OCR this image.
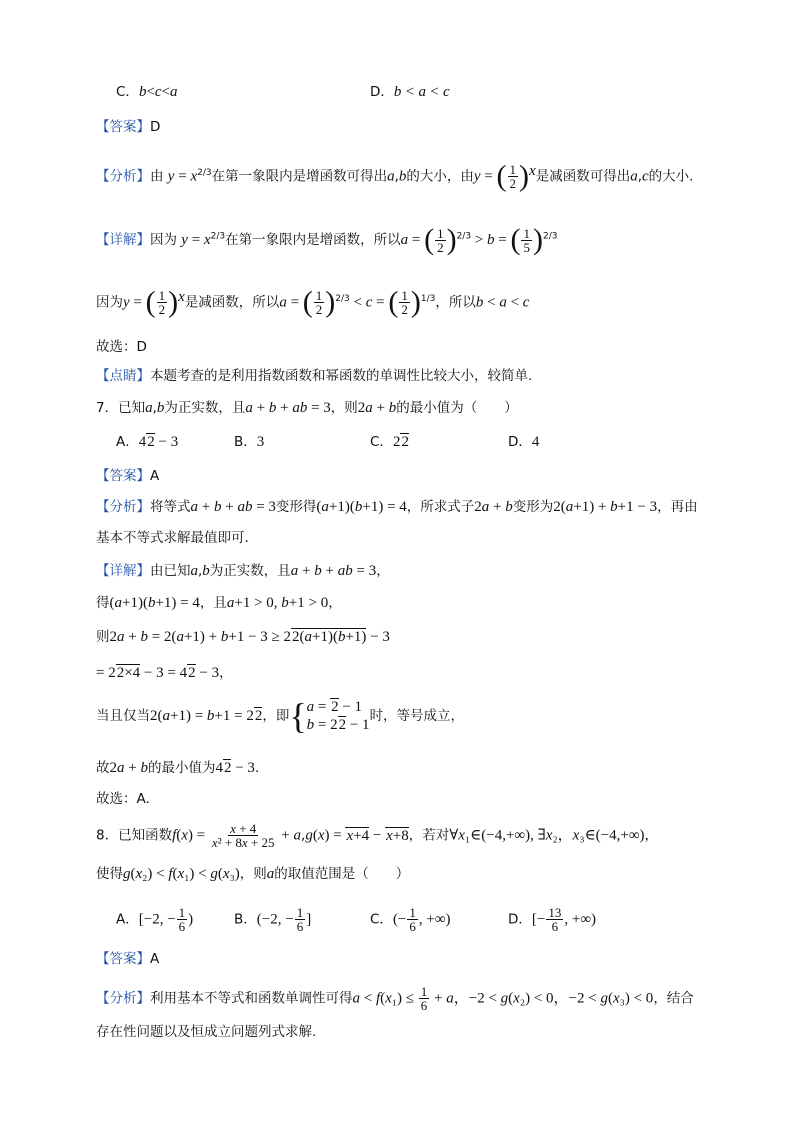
C．b<c<a	D．b < a < c
【答案】D
【分析】由 $y = x^{2/3}$在第一象限内是增函数可得出a,b的大小，由y = ( $\frac{1}{2} )^x$是减函数可得出a,c的大小.
【详解】因为 $y = x^{2/3}$在第一象限内是增函数，所以a = ( $\frac{1}{2} )^{2/3} > b$ = ( $\frac{1}{5} )^{2/3}$
因为y = ( $\frac{1}{2} )^x$是减函数，所以a = ( $\frac{1}{2} )^{2/3} < c$ = ( $\frac{1}{2} )^{1/3}$，所以b < a < c
故选：D
【点睛】本题考查的是利用指数函数和幂函数的单调性比较大小，较简单.
7．已知a,b为正实数，且a + b + ab = 3，则2a + b的最小值为（　　）
A．42 − 3	B．3	C．22	D．4
【答案】A
【分析】将等式a + b + ab = 3变形得(a+1)(b+1) = 4，所求式子2a + b变形为2(a+1) + b+1 − 3，再由
基本不等式求解最值即可.
【详解】由已知a,b为正实数，且a + b + ab = 3，
得(a+1)(b+1) = 4，且a+1 > 0, b+1 > 0，
则2a + b = 2(a+1) + b+1 − 3 ≥ 22(a+1)(b+1) − 3
= 22×4 − 3 = 42 − 3，
当且仅当2(a+1) = b+1 = 22，即{ a = 2 − 1
b = 22 − 1
时，等号成立，
故2a + b的最小值为42 − 3.
故选：A.
8．已知函数$f(x) = \frac{x + 4}{\text{x² + 8x + 25}} + a,g(x) = x+4 - x+8$，若对∀x₁∈(−4,+∞), ∃x₂，x₃∈(−4,+∞)，
使得g(x₂) < f(x₁) < g(x₃)，则a的取值范围是（　　）
A．[−2, − $\frac{1}{6}$ )	B．(−2, − $\frac{1}{6}$ ]	C．(− $\frac{1}{6}$ , +∞)	D．[− $\frac{13}{6}$ , +∞)
【答案】A
【分析】利用基本不等式和函数单调性可得$a < f(x_1) \le \frac{1}{6} + a$，−2 < g(x₂) < 0，−2 < g(x₃) < 0，结合
存在性问题以及恒成立问题列式求解.
